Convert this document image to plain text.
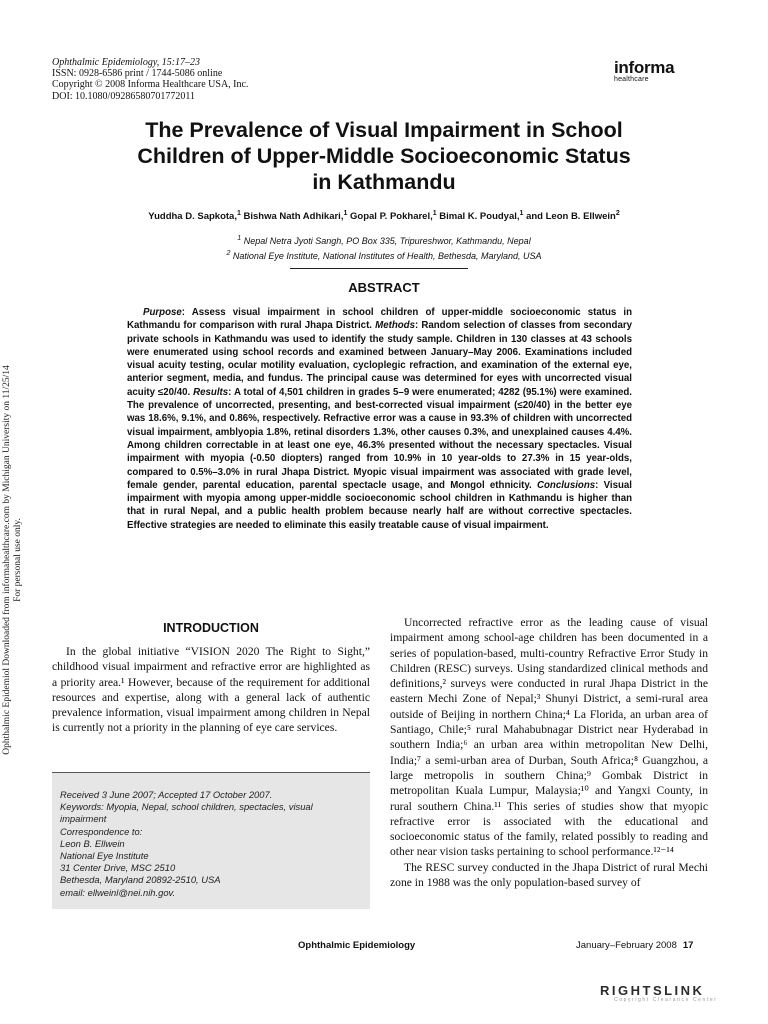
Ophthalmic Epidemiology, 15:17–23
ISSN: 0928-6586 print / 1744-5086 online
Copyright © 2008 Informa Healthcare USA, Inc.
DOI: 10.1080/09286580701772011
informa
healthcare
The Prevalence of Visual Impairment in School
Children of Upper-Middle Socioeconomic Status
in Kathmandu
Yuddha D. Sapkota,$^1$ Bishwa Nath Adhikari,$^1$ Gopal P. Pokharel,$^1$ Bimal K. Poudyal,$^1$ and Leon B. Ellwein$^2$
$^1$ Nepal Netra Jyoti Sangh, PO Box 335, Tripureshwor, Kathmandu, Nepal
$^2$ National Eye Institute, National Institutes of Health, Bethesda, Maryland, USA
ABSTRACT

Purpose: Assess visual impairment in school children of upper-middle socioeconomic status in Kathmandu for comparison with rural Jhapa District. Methods: Random selection of classes from secondary private schools in Kathmandu was used to identify the study sample. Children in 130 classes at 43 schools were enumerated using school records and examined between January–May 2006. Examinations included visual acuity testing, ocular motility evaluation, cycloplegic refraction, and examination of the external eye, anterior segment, media, and fundus. The principal cause was determined for eyes with uncorrected visual acuity ≤20/40. Results: A total of 4,501 children in grades 5–9 were enumerated; 4282 (95.1%) were examined. The prevalence of uncorrected, presenting, and best-corrected visual impairment (≤20/40) in the better eye was 18.6%, 9.1%, and 0.86%, respectively. Refractive error was a cause in 93.3% of children with uncorrected visual impairment, amblyopia 1.8%, retinal disorders 1.3%, other causes 0.3%, and unexplained causes 4.4%. Among children correctable in at least one eye, 46.3% presented without the necessary spectacles. Visual impairment with myopia (-0.50 diopters) ranged from 10.9% in 10 year-olds to 27.3% in 15 year-olds, compared to 0.5%–3.0% in rural Jhapa District. Myopic visual impairment was associated with grade level, female gender, parental education, parental spectacle usage, and Mongol ethnicity. Conclusions: Visual impairment with myopia among upper-middle socioeconomic school children in Kathmandu is higher than that in rural Nepal, and a public health problem because nearly half are without corrective spectacles. Effective strategies are needed to eliminate this easily treatable cause of visual impairment.

Ophthalmic Epidemiol Downloaded from informahealthcare.com by Michigan University on 11/25/14 For personal use only.
INTRODUCTION

In the global initiative “VISION 2020 The Right to Sight,” childhood visual impairment and refractive error are highlighted as a priority area.¹ However, because of the requirement for additional resources and expertise, along with a general lack of authentic prevalence information, visual impairment among children in Nepal is currently not a priority in the planning of eye care services.

Received 3 June 2007; Accepted 17 October 2007.
Keywords: Myopia, Nepal, school children, spectacles, visual
impairment
Correspondence to:
Leon B. Ellwein
National Eye Institute
31 Center Drive, MSC 2510
Bethesda, Maryland 20892-2510, USA
email: ellweinl@nei.nih.gov.

Uncorrected refractive error as the leading cause of visual impairment among school-age children has been documented in a series of population-based, multi-country Refractive Error Study in Children (RESC) surveys. Using standardized clinical methods and definitions,² surveys were conducted in rural Jhapa District in the eastern Mechi Zone of Nepal;³ Shunyi District, a semi-rural area outside of Beijing in northern China;⁴ La Florida, an urban area of Santiago, Chile;⁵ rural Mahabubnagar District near Hyderabad in southern India;⁶ an urban area within metropolitan New Delhi, India;⁷ a semi-urban area of Durban, South Africa;⁸ Guangzhou, a large metropolis in southern China;⁹ Gombak District in metropolitan Kuala Lumpur, Malaysia;¹⁰ and Yangxi County, in rural southern China.¹¹ This series of studies show that myopic refractive error is associated with the educational and socioeconomic status of the family, related possibly to reading and other near vision tasks pertaining to school performance.¹²⁻¹⁴

The RESC survey conducted in the Jhapa District of rural Mechi zone in 1988 was the only population-based survey of

Ophthalmic Epidemiology	January–February 2008 17
RIGHTSLINK
Copyright Clearance Center
